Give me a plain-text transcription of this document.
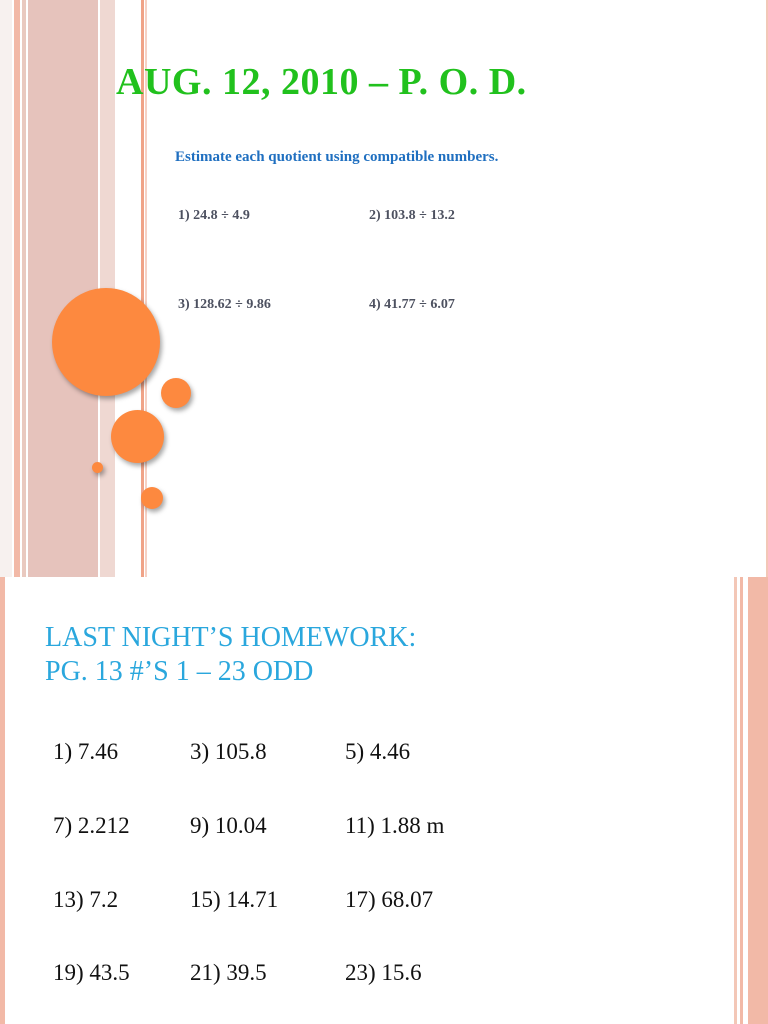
AUG. 12, 2010 – P. O. D.
Estimate each quotient using compatible numbers.
1) 24.8 ÷ 4.9	2) 103.8 ÷ 13.2
3) 128.62 ÷ 9.86	4) 41.77 ÷ 6.07
LAST NIGHT’S HOMEWORK:
PG. 13 #’S 1 – 23 ODD
1) 7.46	3) 105.8	5) 4.46
7) 2.212	9) 10.04	11) 1.88 m
13) 7.2	15) 14.71	17) 68.07
19) 43.5	21) 39.5	23) 15.6
